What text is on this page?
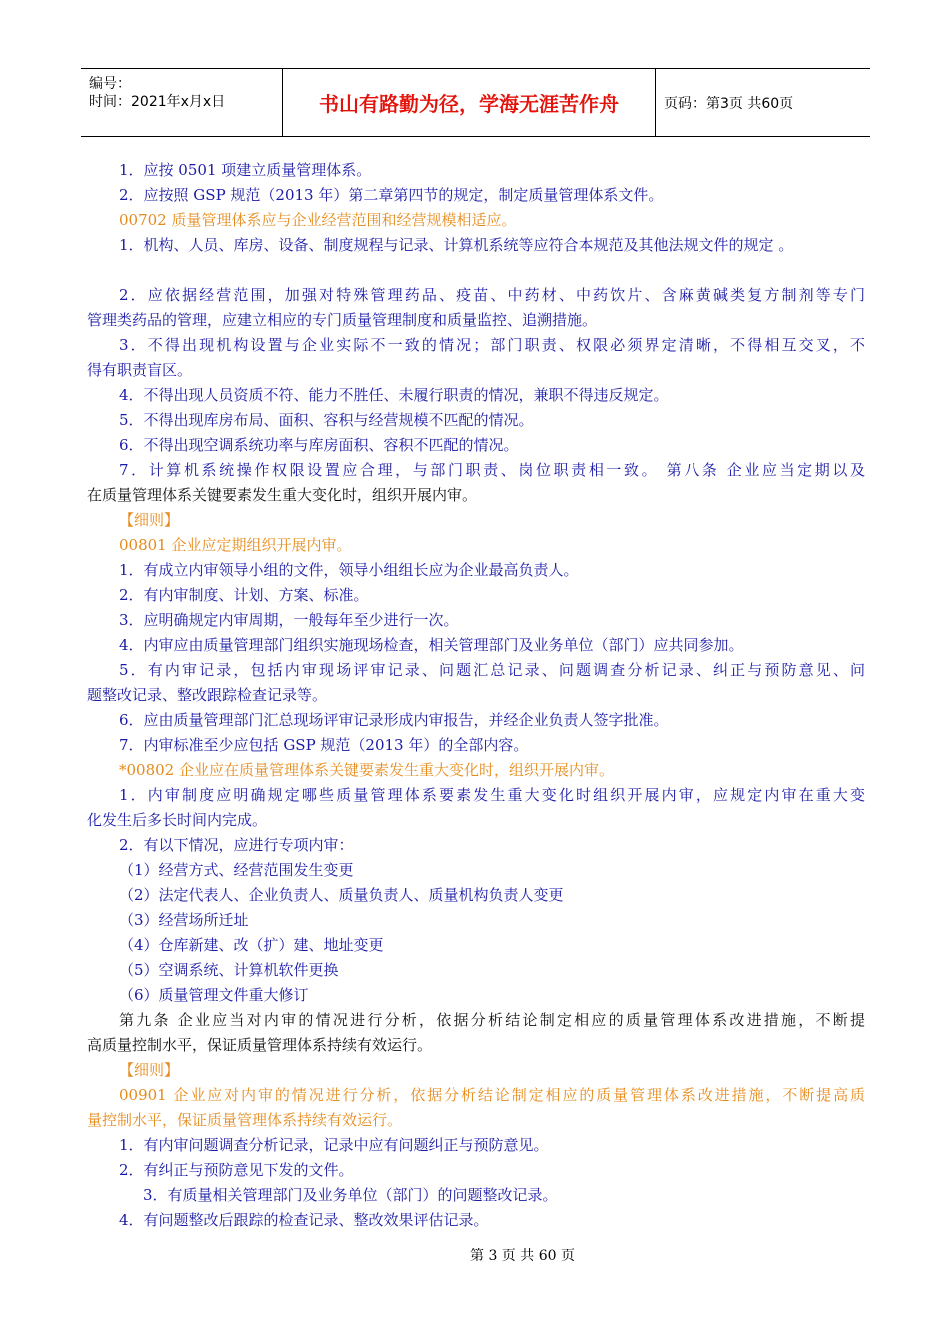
编号：
时间：2021年x月x日	书山有路勤为径，学海无涯苦作舟	页码：第3页 共60页
1．应按 0501 项建立质量管理体系。
2．应按照 GSP 规范（2013 年）第二章第四节的规定，制定质量管理体系文件。
00702 质量管理体系应与企业经营范围和经营规模相适应。
1．机构、人员、库房、设备、制度规程与记录、计算机系统等应符合本规范及其他法规文件的规定 。
2．应依据经营范围，加强对特殊管理药品、疫苗、中药材、中药饮片、含麻黄碱类复方制剂等专门
管理类药品的管理，应建立相应的专门质量管理制度和质量监控、追溯措施。
3．不得出现机构设置与企业实际不一致的情况；部门职责、权限必须界定清晰，不得相互交叉，不
得有职责盲区。
4．不得出现人员资质不符、能力不胜任、未履行职责的情况，兼职不得违反规定。
5．不得出现库房布局、面积、容积与经营规模不匹配的情况。
6．不得出现空调系统功率与库房面积、容积不匹配的情况。
7．计算机系统操作权限设置应合理，与部门职责、岗位职责相一致。 第八条 企业应当定期以及
在质量管理体系关键要素发生重大变化时，组织开展内审。
【细则】
00801 企业应定期组织开展内审。
1．有成立内审领导小组的文件，领导小组组长应为企业最高负责人。
2．有内审制度、计划、方案、标准。
3．应明确规定内审周期，一般每年至少进行一次。
4．内审应由质量管理部门组织实施现场检查，相关管理部门及业务单位（部门）应共同参加。
5．有内审记录，包括内审现场评审记录、问题汇总记录、问题调查分析记录、纠正与预防意见、问
题整改记录、整改跟踪检查记录等。
6．应由质量管理部门汇总现场评审记录形成内审报告，并经企业负责人签字批准。
7．内审标准至少应包括 GSP 规范（2013 年）的全部内容。
*00802 企业应在质量管理体系关键要素发生重大变化时，组织开展内审。
1．内审制度应明确规定哪些质量管理体系要素发生重大变化时组织开展内审，应规定内审在重大变
化发生后多长时间内完成。
2．有以下情况，应进行专项内审：
（1）经营方式、经营范围发生变更
（2）法定代表人、企业负责人、质量负责人、质量机构负责人变更
（3）经营场所迁址
（4）仓库新建、改（扩）建、地址变更
（5）空调系统、计算机软件更换
（6）质量管理文件重大修订
第九条 企业应当对内审的情况进行分析，依据分析结论制定相应的质量管理体系改进措施，不断提
高质量控制水平，保证质量管理体系持续有效运行。
【细则】
00901 企业应对内审的情况进行分析，依据分析结论制定相应的质量管理体系改进措施，不断提高质
量控制水平，保证质量管理体系持续有效运行。
1．有内审问题调查分析记录，记录中应有问题纠正与预防意见。
2．有纠正与预防意见下发的文件。
3．有质量相关管理部门及业务单位（部门）的问题整改记录。
4．有问题整改后跟踪的检查记录、整改效果评估记录。
第 3 页 共 60 页
